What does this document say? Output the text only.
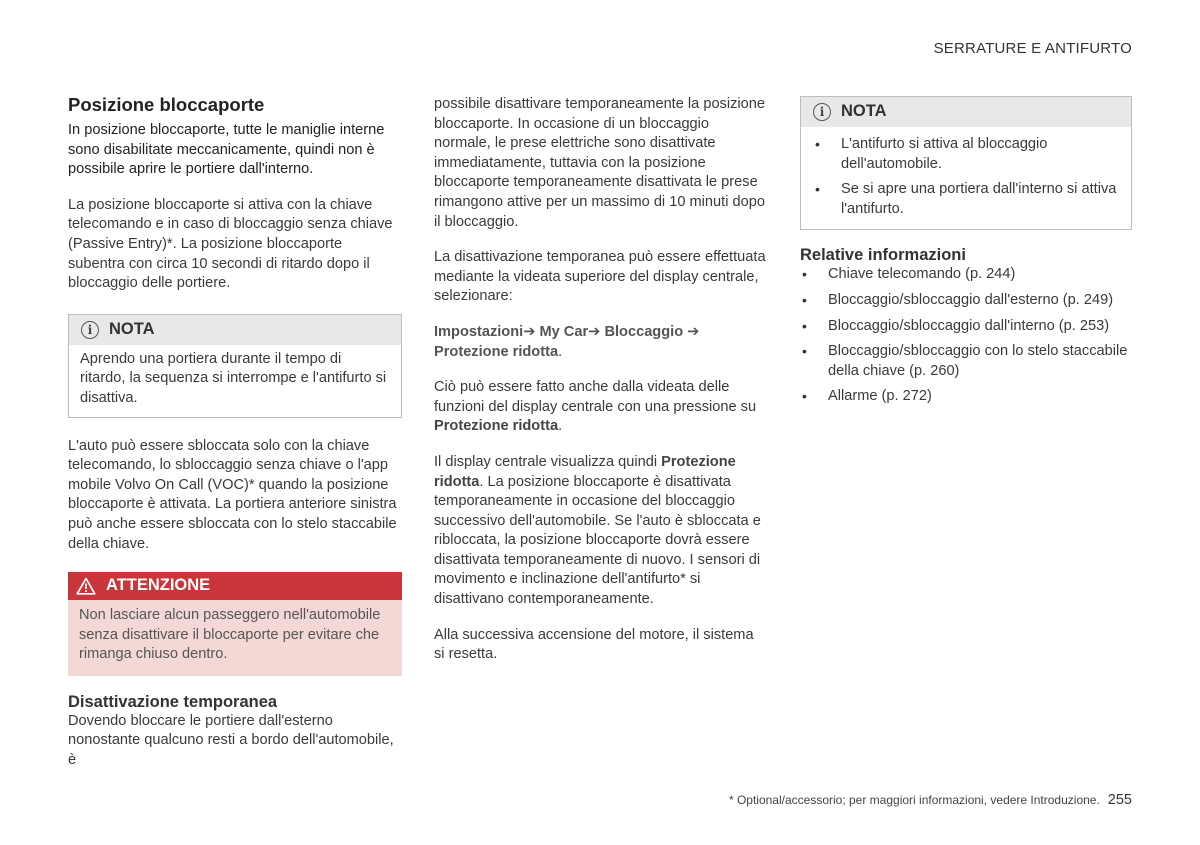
SERRATURE E ANTIFURTO
Posizione bloccaporte

In posizione bloccaporte, tutte le maniglie interne sono disabilitate meccanicamente, quindi non è possibile aprire le portiere dall'interno.

La posizione bloccaporte si attiva con la chiave telecomando e in caso di bloccaggio senza chiave (Passive Entry)*. La posizione bloccaporte subentra con circa 10 secondi di ritardo dopo il bloccaggio delle portiere.

i	NOTA
Aprendo una portiera durante il tempo di ritardo, la sequenza si interrompe e l'antifurto si disattiva.

L'auto può essere sbloccata solo con la chiave telecomando, lo sbloccaggio senza chiave o l'app mobile Volvo On Call (VOC)* quando la posizione bloccaporte è attivata. La portiera anteriore sinistra può anche essere sbloccata con lo stelo staccabile della chiave.

ATTENZIONE
Non lasciare alcun passeggero nell'automobile senza disattivare il bloccaporte per evitare che rimanga chiuso dentro.
Disattivazione temporanea

Dovendo bloccare le portiere dall'esterno nonostante qualcuno resti a bordo dell'automobile, è

possibile disattivare temporaneamente la posizione bloccaporte. In occasione di un bloccaggio normale, le prese elettriche sono disattivate immediatamente, tuttavia con la posizione bloccaporte temporaneamente disattivata le prese rimangono attive per un massimo di 10 minuti dopo il bloccaggio.

La disattivazione temporanea può essere effettuata mediante la videata superiore del display centrale, selezionare:

Impostazioni➔ My Car➔ Bloccaggio ➔ Protezione ridotta.

Ciò può essere fatto anche dalla videata delle funzioni del display centrale con una pressione su Protezione ridotta.

Il display centrale visualizza quindi Protezione ridotta. La posizione bloccaporte è disattivata temporaneamente in occasione del bloccaggio successivo dell'automobile. Se l'auto è sbloccata e ribloccata, la posizione bloccaporte dovrà essere disattivata temporaneamente di nuovo. I sensori di movimento e inclinazione dell'antifurto* si disattivano contemporaneamente.

Alla successiva accensione del motore, il sistema si resetta.

i	NOTA
• L'antifurto si attiva al bloccaggio dell'automobile.
• Se si apre una portiera dall'interno si attiva l'antifurto.
Relative informazioni
• Chiave telecomando (p. 244)
• Bloccaggio/sbloccaggio dall'esterno (p. 249)
• Bloccaggio/sbloccaggio dall'interno (p. 253)
• Bloccaggio/sbloccaggio con lo stelo staccabile della chiave (p. 260)
• Allarme (p. 272)
* Optional/accessorio; per maggiori informazioni, vedere Introduzione. 255
